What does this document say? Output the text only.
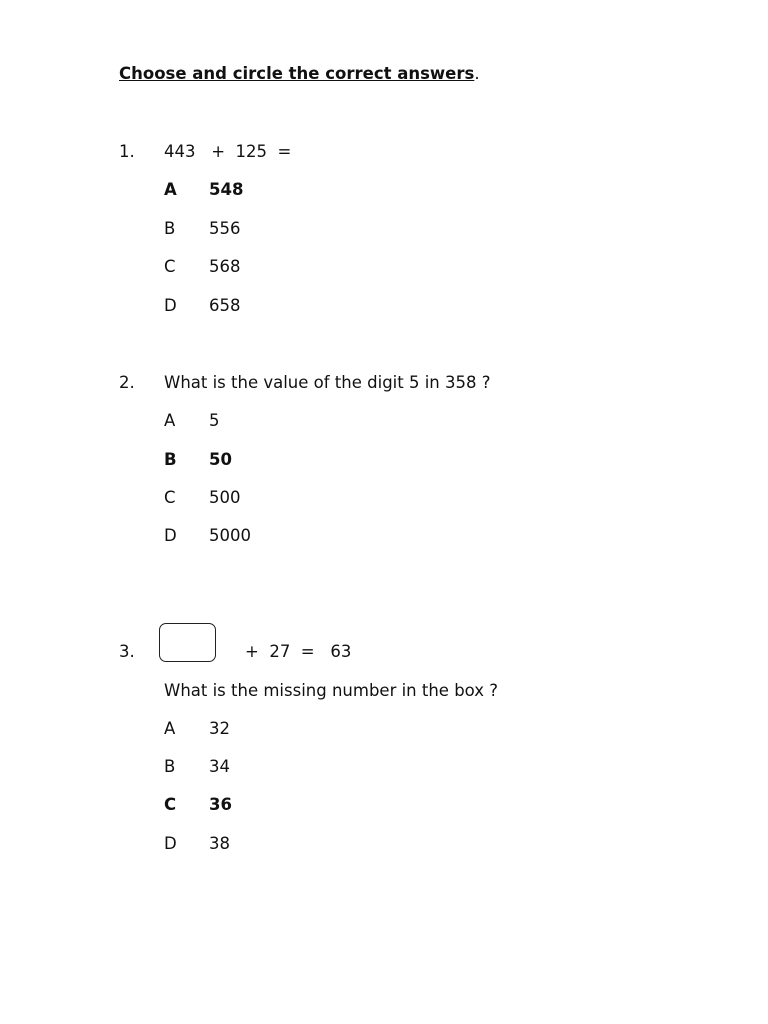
Choose and circle the correct answers.
1. 443   +  125  =
A	548
B 556
C 568
D 658
2. What is the value of the digit 5 in 358 ?
A 5
B	50
C 500
D 5000
3.	+  27  =   63
What is the missing number in the box ?
A 32
B 34
C	36
D 38
